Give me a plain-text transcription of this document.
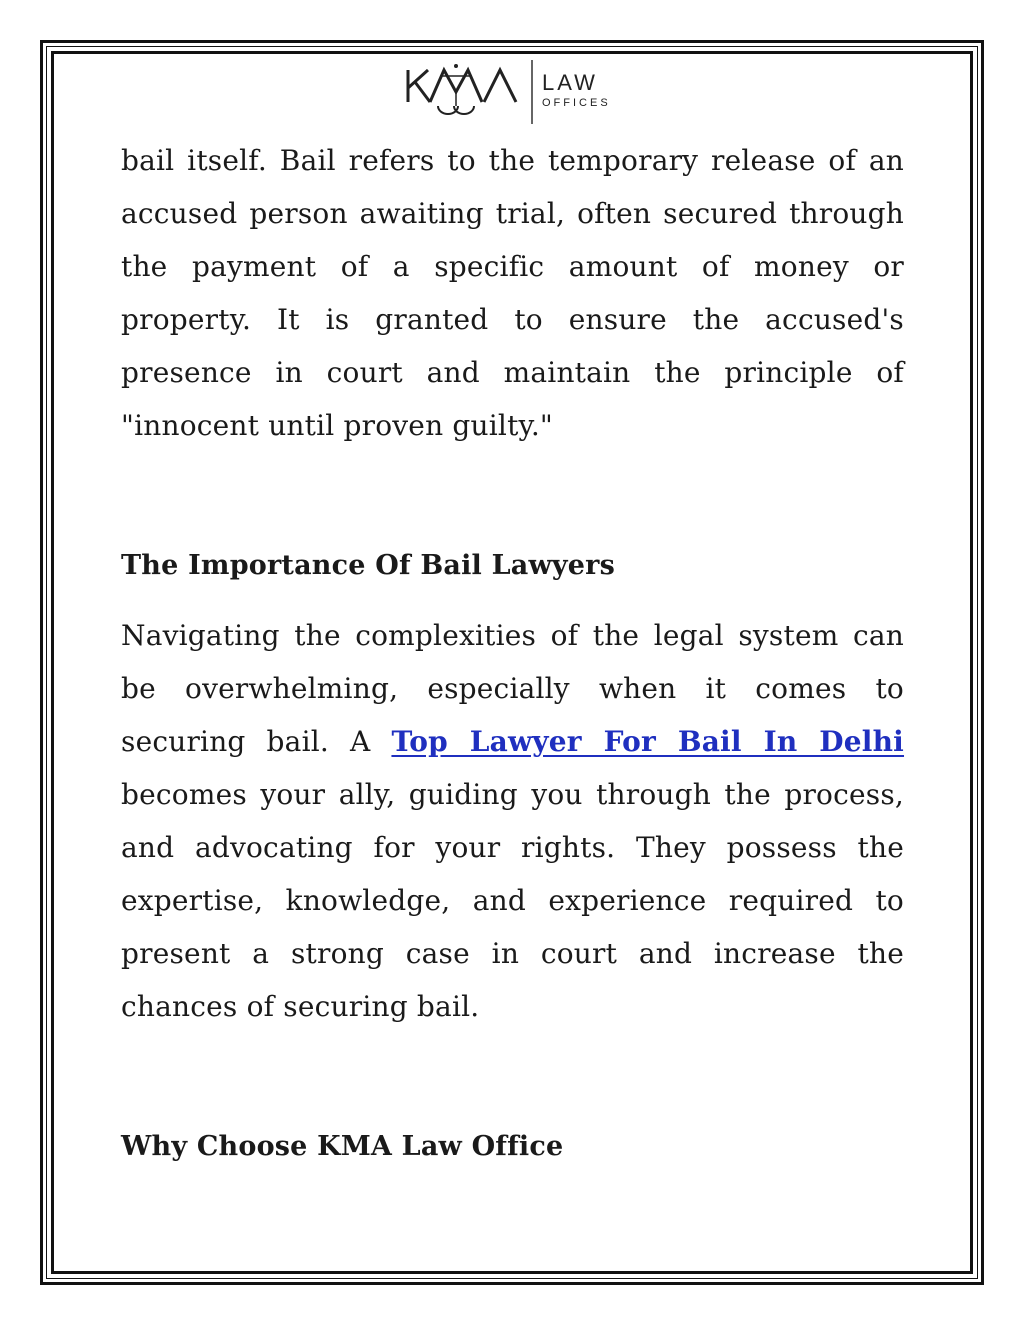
LAW
OFFICES

bail itself. Bail refers to the temporary release of an accused person awaiting trial, often secured through the payment of a specific amount of money or property. It is granted to ensure the accused's presence in court and maintain the principle of "innocent until proven guilty."

The Importance Of Bail Lawyers

Navigating the complexities of the legal system can be overwhelming, especially when it comes to securing bail. A Top Lawyer For Bail In Delhi becomes your ally, guiding you through the process, and advocating for your rights. They possess the expertise, knowledge, and experience required to present a strong case in court and increase the chances of securing bail.

Why Choose KMA Law Office
